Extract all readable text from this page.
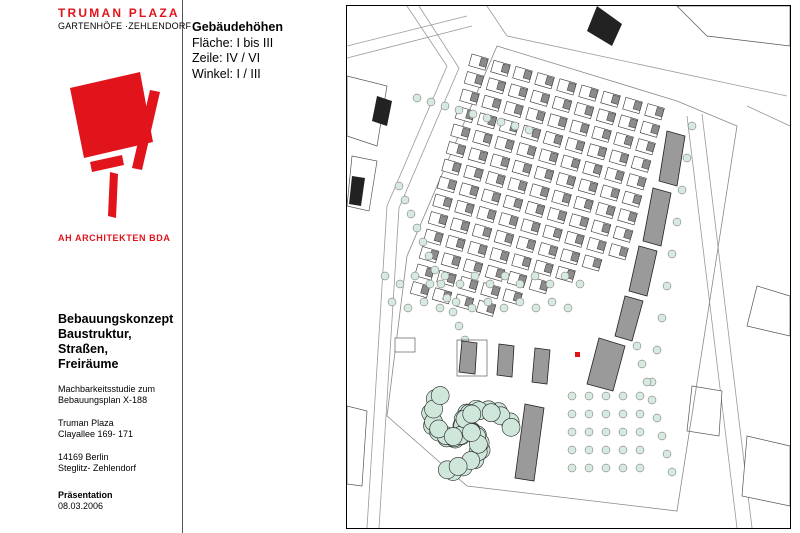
TRUMAN PLAZA
GARTENHÖFE ·ZEHLENDORF
AH ARCHITEKTEN BDA
Bebauungskonzept
Baustruktur,
Straßen,
Freiräume
Machbarkeitsstudie zum
Bebauungsplan X-188
Truman Plaza
Clayallee 169- 171
14169 Berlin
Steglitz- Zehlendorf
Präsentation
08.03.2006
Gebäudehöhen
Fläche: I bis III
Zeile: IV / VI
Winkel: I / III
